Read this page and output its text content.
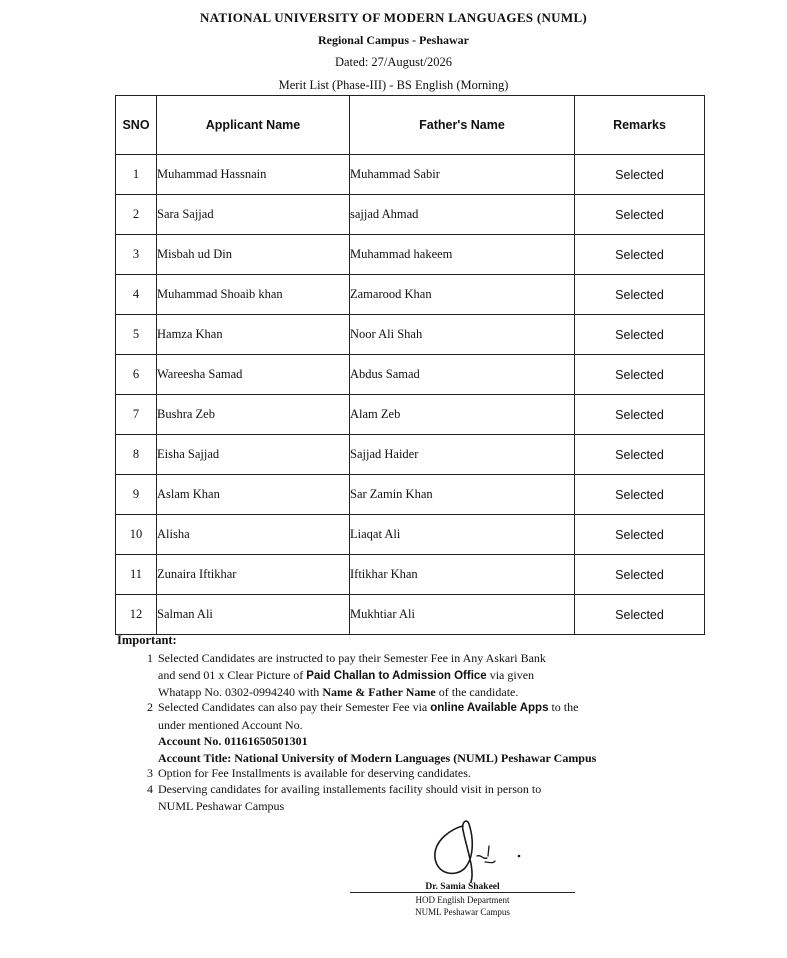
NATIONAL UNIVERSITY OF MODERN LANGUAGES (NUML)
Regional Campus - Peshawar
Dated: 27/August/2026
Merit List (Phase-III) - BS English (Morning)
SNO	Applicant Name	Father's Name	Remarks
1	Muhammad Hassnain	Muhammad Sabir	Selected
2	Sara Sajjad	sajjad Ahmad	Selected
3	Misbah ud Din	Muhammad hakeem	Selected
4	Muhammad Shoaib khan	Zamarood Khan	Selected
5	Hamza Khan	Noor Ali Shah	Selected
6	Wareesha Samad	Abdus Samad	Selected
7	Bushra Zeb	Alam Zeb	Selected
8	Eisha Sajjad	Sajjad Haider	Selected
9	Aslam Khan	Sar Zamin Khan	Selected
10	Alisha	Liaqat Ali	Selected
11	Zunaira Iftikhar	Iftikhar Khan	Selected
12	Salman Ali	Mukhtiar Ali	Selected
Important:
1 Selected Candidates are instructed to pay their Semester Fee in Any Askari Bank
and send 01 x Clear Picture of Paid Challan to Admission Office via given
Whatapp No. 0302-0994240 with Name & Father Name of the candidate.
2 Selected Candidates can also pay their Semester Fee via online Available Apps to the
under mentioned Account No.
Account No. 01161650501301
Account Title: National University of Modern Languages (NUML) Peshawar Campus
3 Option for Fee Installments is available for deserving candidates.
4 Deserving candidates for availing installements facility should visit in person to
NUML Peshawar Campus
Dr. Samia Shakeel
HOD English Department
NUML Peshawar Campus
